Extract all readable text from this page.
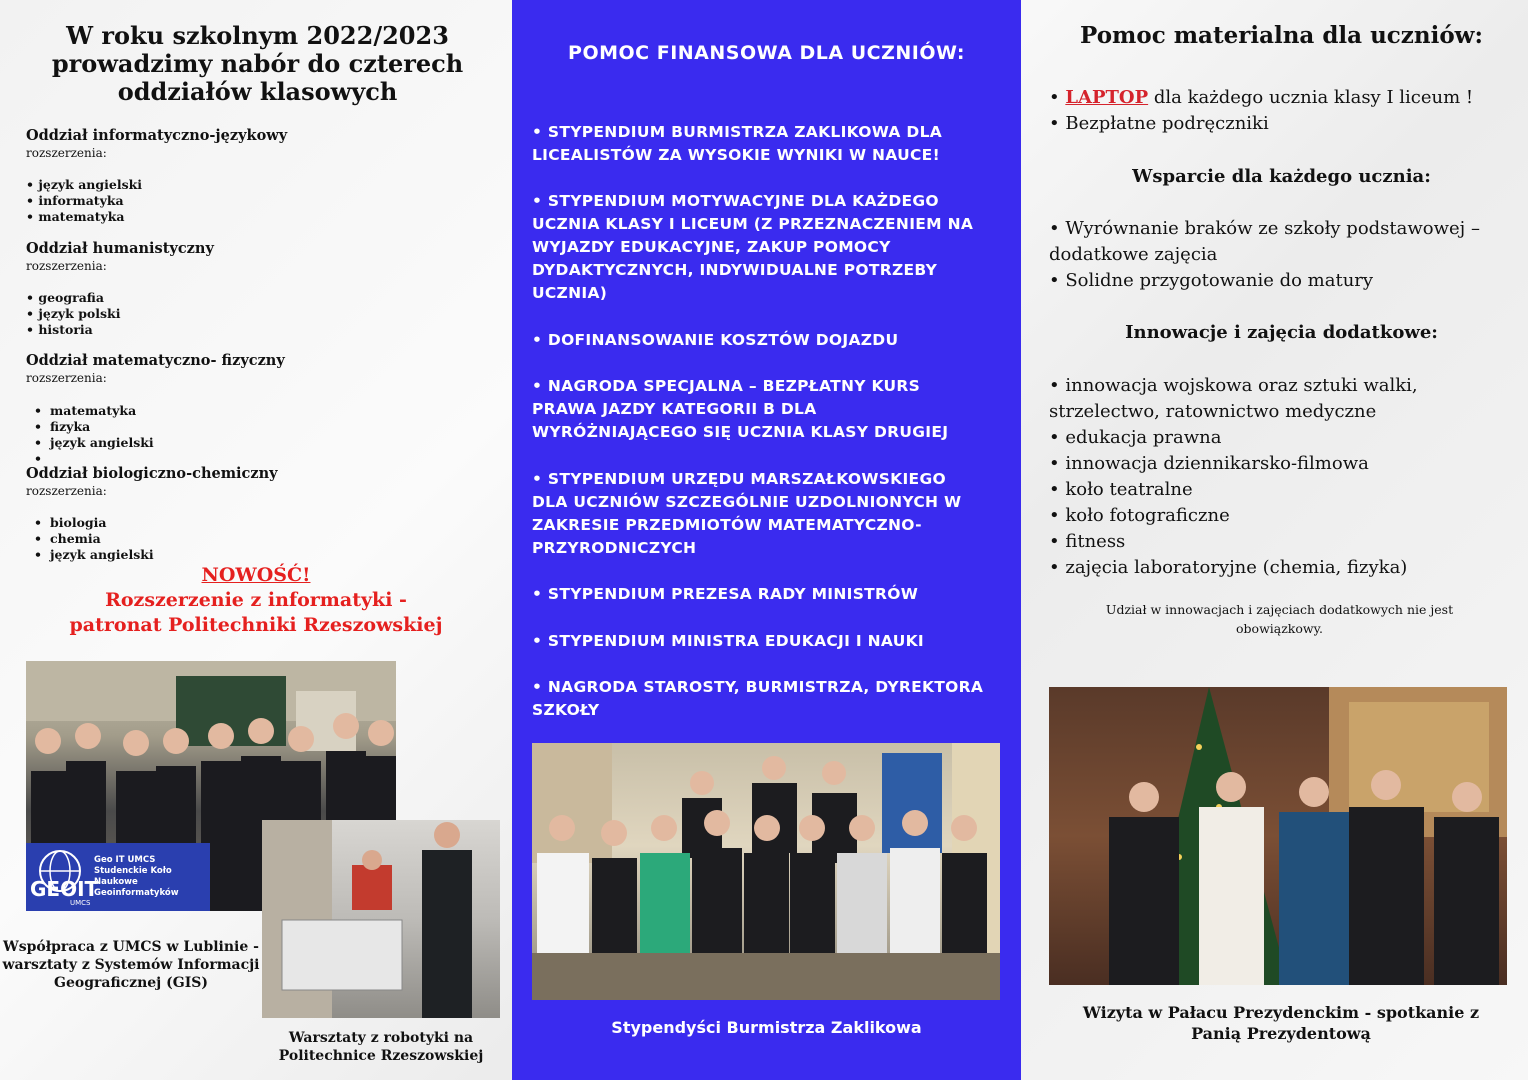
W roku szkolnym 2022/2023 prowadzimy nabór do czterech oddziałów klasowych
Oddział informatyczno-językowy
rozszerzenia:
• język angielski
• informatyka
• matematyka
Oddział humanistyczny
rozszerzenia:
• geografia
• język polski
• historia
Oddział matematyczno- fizyczny
rozszerzenia:
• matematyka
• fizyka
• język angielski
•
Oddział biologiczno-chemiczny
rozszerzenia:
• biologia
• chemia
• język angielski
NOWOŚĆ!
Rozszerzenie z informatyki -
patronat Politechniki Rzeszowskiej
GEOIT
UMCS
Geo IT UMCS
Studenckie Koło
Naukowe Geoinformatyków
Współpraca z UMCS w Lublinie - warsztaty z Systemów Informacji Geograficznej (GIS)
Warsztaty z robotyki na Politechnice Rzeszowskiej
POMOC FINANSOWA DLA UCZNIÓW:
• STYPENDIUM BURMISTRZA ZAKLIKOWA DLA LICEALISTÓW ZA WYSOKIE WYNIKI W NAUCE!
• STYPENDIUM MOTYWACYJNE DLA KAŻDEGO UCZNIA KLASY I LICEUM (Z PRZEZNACZENIEM NA WYJAZDY EDUKACYJNE, ZAKUP POMOCY DYDAKTYCZNYCH, INDYWIDUALNE POTRZEBY UCZNIA)
• DOFINANSOWANIE KOSZTÓW DOJAZDU
• NAGRODA SPECJALNA – BEZPŁATNY KURS PRAWA JAZDY KATEGORII B DLA WYRÓŻNIAJĄCEGO SIĘ UCZNIA KLASY DRUGIEJ
• STYPENDIUM URZĘDU MARSZAŁKOWSKIEGO DLA UCZNIÓW SZCZEGÓLNIE UZDOLNIONYCH W ZAKRESIE PRZEDMIOTÓW MATEMATYCZNO-PRZYRODNICZYCH
• STYPENDIUM PREZESA RADY MINISTRÓW
• STYPENDIUM MINISTRA EDUKACJI I NAUKI
• NAGRODA STAROSTY, BURMISTRZA, DYREKTORA SZKOŁY
Stypendyści Burmistrza Zaklikowa
Pomoc materialna dla uczniów:
• LAPTOP dla każdego ucznia klasy I liceum !
• Bezpłatne podręczniki
Wsparcie dla każdego ucznia:
• Wyrównanie braków ze szkoły podstawowej – dodatkowe zajęcia
• Solidne przygotowanie do matury
Innowacje i zajęcia dodatkowe:
• innowacja wojskowa oraz sztuki walki, strzelectwo, ratownictwo medyczne
• edukacja prawna
• innowacja dziennikarsko-filmowa
• koło teatralne
• koło fotograficzne
• fitness
• zajęcia laboratoryjne (chemia, fizyka)
Udział w innowacjach i zajęciach dodatkowych nie jest obowiązkowy.
Wizyta w Pałacu Prezydenckim - spotkanie z Panią Prezydentową
